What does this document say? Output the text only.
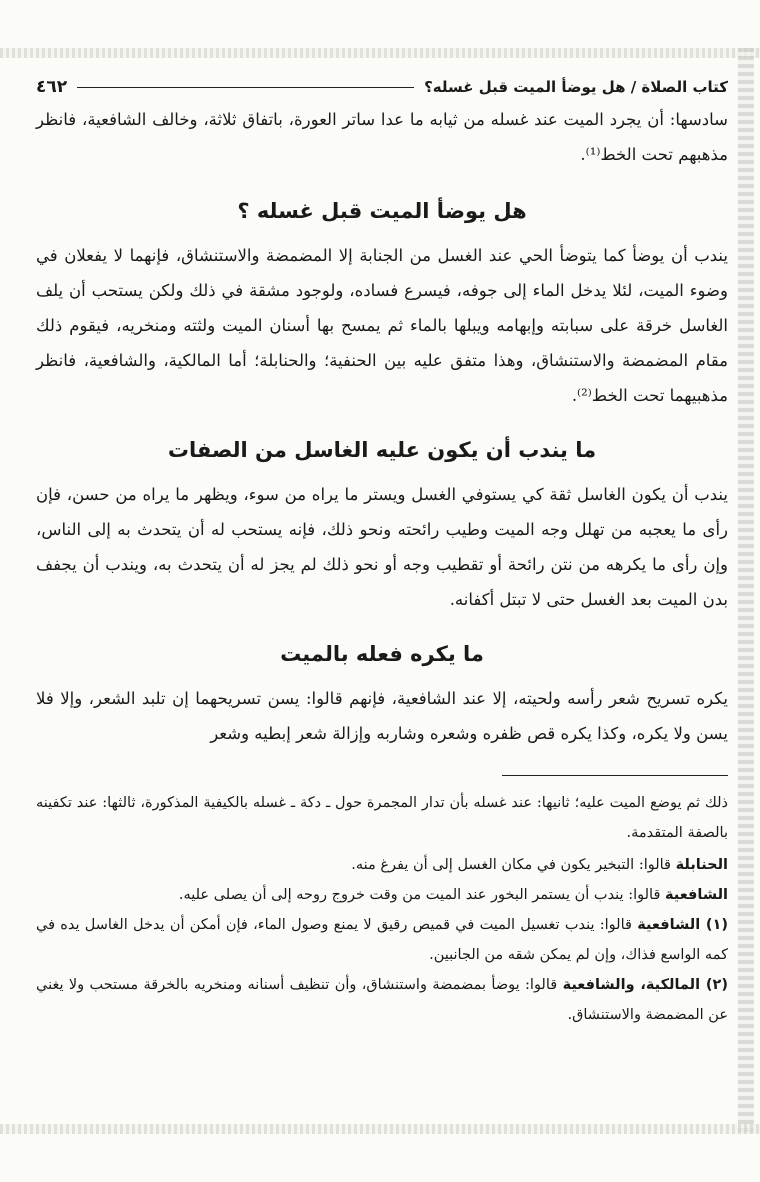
كتاب الصلاة / هل يوضأ الميت قبل غسله؟
٤٦٢

سادسها: أن يجرد الميت عند غسله من ثيابه ما عدا ساتر العورة، باتفاق ثلاثة، وخالف الشافعية، فانظر مذهبهم تحت الخط⁽¹⁾.

هل يوضأ الميت قبل غسله ؟

يندب أن يوضأ كما يتوضأ الحي عند الغسل من الجنابة إلا المضمضة والاستنشاق، فإنهما لا يفعلان في وضوء الميت، لئلا يدخل الماء إلى جوفه، فيسرع فساده، ولوجود مشقة في ذلك ولكن يستحب أن يلف الغاسل خرقة على سبابته وإبهامه ويبلها بالماء ثم يمسح بها أسنان الميت ولثته ومنخريه، فيقوم ذلك مقام المضمضة والاستنشاق، وهذا متفق عليه بين الحنفية؛ والحنابلة؛ أما المالكية، والشافعية، فانظر مذهبيهما تحت الخط⁽²⁾.

ما يندب أن يكون عليه الغاسل من الصفات

يندب أن يكون الغاسل ثقة كي يستوفي الغسل ويستر ما يراه من سوء، ويظهر ما يراه من حسن، فإن رأى ما يعجبه من تهلل وجه الميت وطيب رائحته ونحو ذلك، فإنه يستحب له أن يتحدث به إلى الناس، وإن رأى ما يكرهه من نتن رائحة أو تقطيب وجه أو نحو ذلك لم يجز له أن يتحدث به، ويندب أن يجفف بدن الميت بعد الغسل حتى لا تبتل أكفانه.

ما يكره فعله بالميت

يكره تسريح شعر رأسه ولحيته، إلا عند الشافعية، فإنهم قالوا: يسن تسريحهما إن تلبد الشعر، وإلا فلا يسن ولا يكره، وكذا يكره قص ظفره وشعره وشاربه وإزالة شعر إبطيه وشعر

ذلك ثم يوضع الميت عليه؛ ثانيها: عند غسله بأن تدار المجمرة حول ـ دكة ـ غسله بالكيفية المذكورة، ثالثها: عند تكفينه بالصفة المتقدمة.

الحنابلة قالوا: التبخير يكون في مكان الغسل إلى أن يفرغ منه.

الشافعية قالوا: يندب أن يستمر البخور عند الميت من وقت خروج روحه إلى أن يصلى عليه.

(١) الشافعية قالوا: يندب تغسيل الميت في قميص رقيق لا يمنع وصول الماء، فإن أمكن أن يدخل الغاسل يده في كمه الواسع فذاك، وإن لم يمكن شقه من الجانبين.

(٢) المالكية، والشافعية قالوا: يوضأ بمضمضة واستنشاق، وأن تنظيف أسنانه ومنخريه بالخرقة مستحب ولا يغني عن المضمضة والاستنشاق.
